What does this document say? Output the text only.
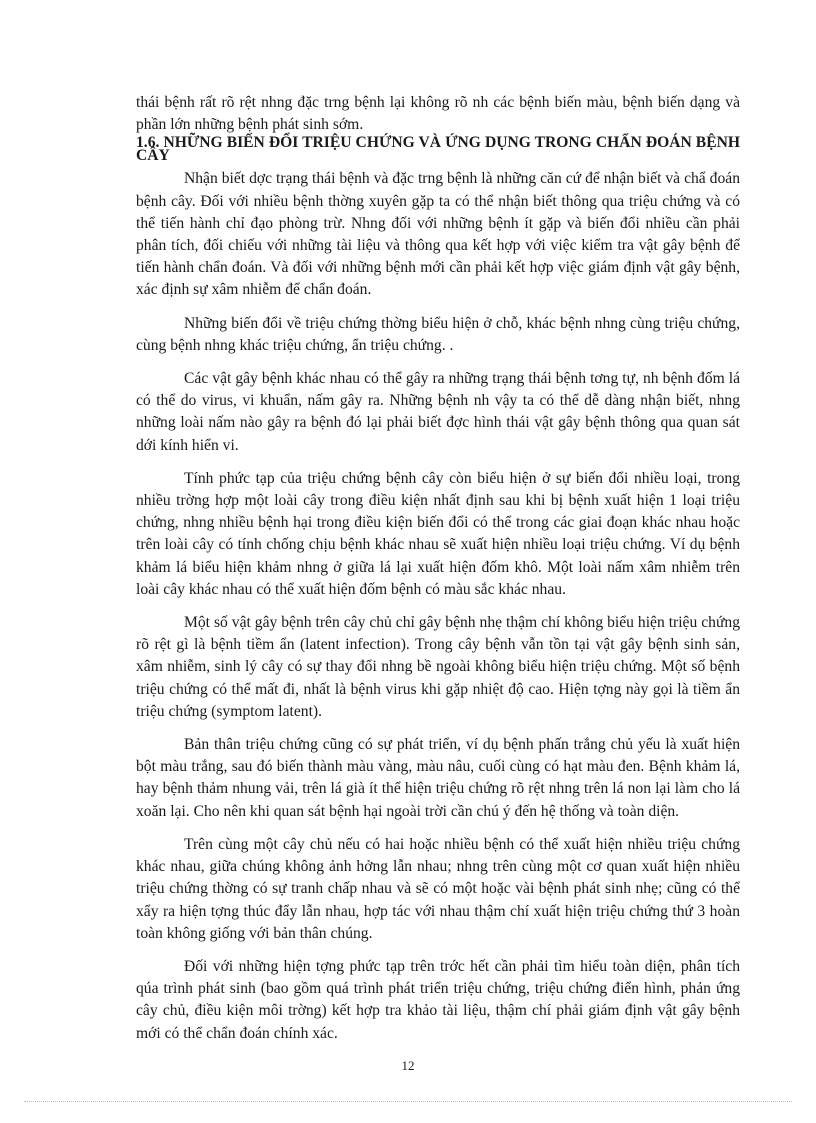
thái bệnh rất rõ rệt nhng đặc trng bệnh lại không rõ nh các bệnh biến màu, bệnh biến dạng và phần lớn những bệnh phát sinh sớm.

1.6. NHỮNG BIẾN ĐỔI TRIỆU CHỨNG VÀ ỨNG DỤNG TRONG CHẨN ĐOÁN BỆNH CÂY

Nhận biết dợc trạng thái bệnh và đặc trng bệnh là những căn cứ để nhận biết và chẩ đoán bệnh cây. Đối với nhiều bệnh thờng xuyên gặp ta có thể nhận biết thông qua triệu chứng và có thể tiến hành chỉ đạo phòng trừ. Nhng đối với những bệnh ít gặp và biến đổi nhiều cần phải phân tích, đối chiếu với những tài liệu và thông qua kết hợp với việc kiểm tra vật gây bệnh để tiến hành chẩn đoán. Và đối với những bệnh mới cần phải kết hợp việc giám định vật gây bệnh, xác định sự xâm nhiễm để chẩn đoán.

Những biến đổi về triệu chứng thờng biểu hiện ở chỗ, khác bệnh nhng cùng triệu chứng, cùng bệnh nhng khác triệu chứng, ẩn triệu chứng. .

Các vật gây bệnh khác nhau có thể gây ra những trạng thái bệnh tơng tự, nh bệnh đốm lá có thể do virus, vi khuẩn, nấm gây ra. Những bệnh nh vậy ta có thể dễ dàng nhận biết, nhng những loài nấm nào gây ra bệnh đó lại phải biết đợc hình thái vật gây bệnh thông qua quan sát dới kính hiển vi.

Tính phức tạp của triệu chứng bệnh cây còn biểu hiện ở sự biến đổi nhiều loại, trong nhiều trờng hợp một loài cây trong điều kiện nhất định sau khi bị bệnh xuất hiện 1 loại triệu chứng, nhng nhiều bệnh hại trong điều kiện biến đổi có thể trong các giai đoạn khác nhau hoặc trên loài cây có tính chống chịu bệnh khác nhau sẽ xuất hiện nhiều loại triệu chứng. Ví dụ bệnh khảm lá biểu hiện khảm nhng ở giữa lá lại xuất hiện đốm khô. Một loài nấm xâm nhiễm trên loài cây khác nhau có thể xuất hiện đốm bệnh có màu sắc khác nhau.

Một số vật gây bệnh trên cây chủ chỉ gây bệnh nhẹ thậm chí không biểu hiện triệu chứng rõ rệt gì là bệnh tiềm ẩn (latent infection). Trong cây bệnh vẫn tồn tại vật gây bệnh sinh sản, xâm nhiễm, sinh lý cây có sự thay đổi nhng bề ngoài không biểu hiện triệu chứng. Một số bệnh triệu chứng có thể mất đi, nhất là bệnh virus khi gặp nhiệt độ cao. Hiện tợng này gọi là tiềm ẩn triệu chứng (symptom latent).

Bản thân triệu chứng cũng có sự phát triển, ví dụ bệnh phấn trắng chủ yếu là xuất hiện bột màu trắng, sau đó biến thành màu vàng, màu nâu, cuối cùng có hạt màu đen. Bệnh khảm lá, hay bệnh thảm nhung vải, trên lá già ít thể hiện triệu chứng rõ rệt nhng trên lá non lại làm cho lá xoăn lại. Cho nên khi quan sát bệnh hại ngoài trời cần chú ý đến hệ thống và toàn diện.

Trên cùng một cây chủ nếu có hai hoặc nhiều bệnh có thể xuất hiện nhiều triệu chứng khác nhau, giữa chúng không ảnh hởng lẫn nhau; nhng trên cùng một cơ quan xuất hiện nhiều triệu chứng thờng có sự tranh chấp nhau và sẽ có một hoặc vài bệnh phát sinh nhẹ; cũng có thể xẩy ra hiện tợng thúc đẩy lẫn nhau, hợp tác với nhau thậm chí xuất hiện triệu chứng thứ 3 hoàn toàn không giống với bản thân chúng.

Đối với những hiện tợng phức tạp trên trớc hết cần phải tìm hiểu toàn diện, phân tích qúa trình phát sinh (bao gồm quá trình phát triển triệu chứng, triệu chứng điển hình, phản ứng cây chủ, điều kiện môi trờng) kết hợp tra khảo tài liệu, thậm chí phải giám định vật gây bệnh mới có thể chẩn đoán chính xác.

12
